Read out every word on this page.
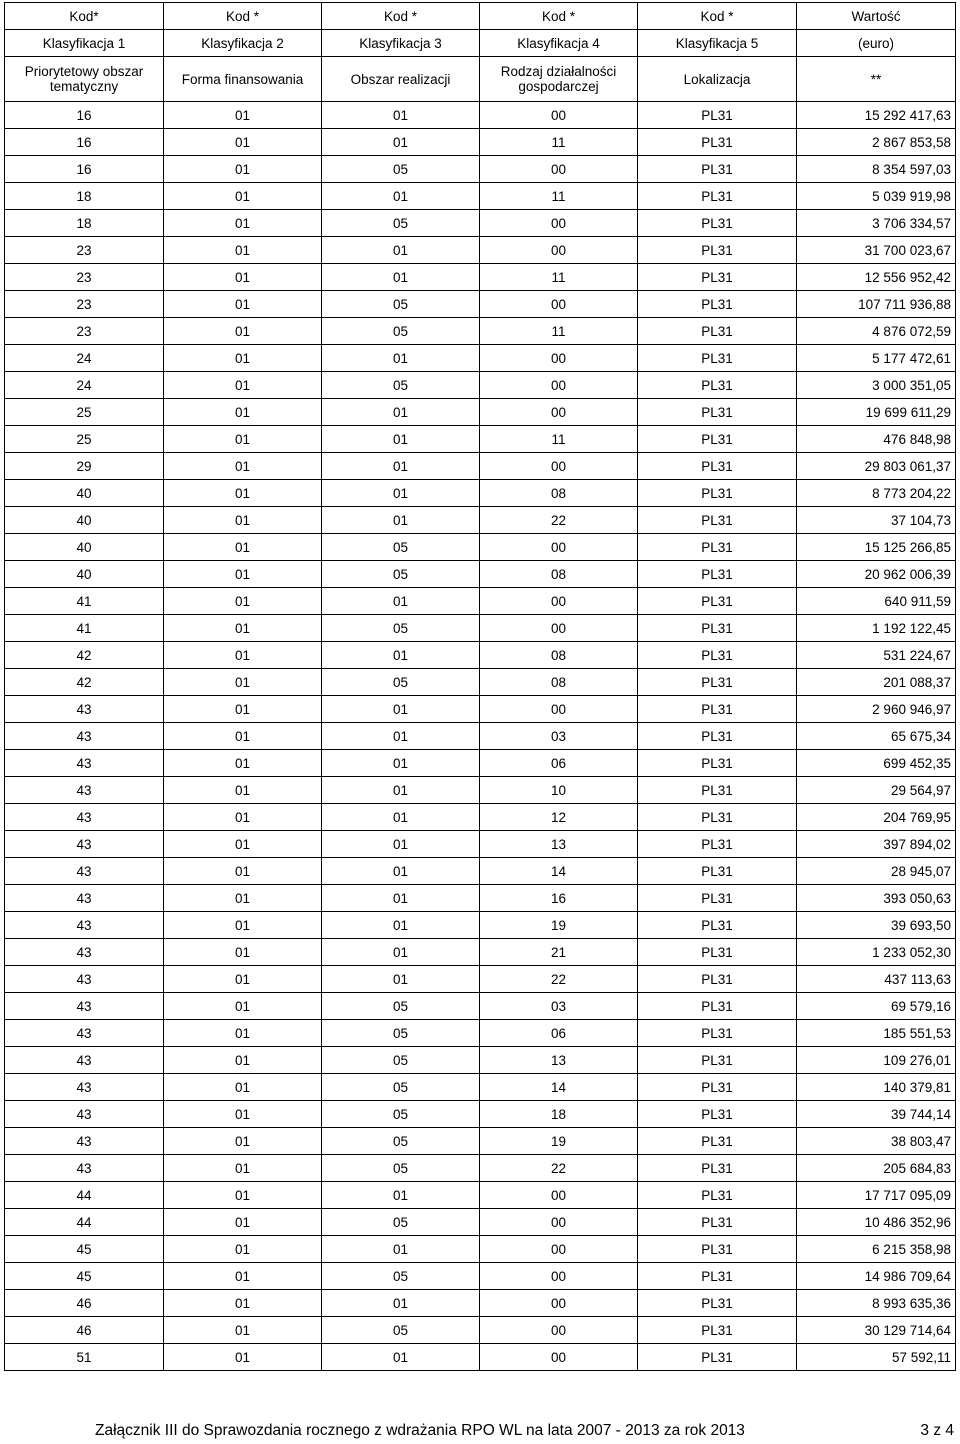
Kod*	Kod *	Kod *	Kod *	Kod *	Wartość
Klasyfikacja 1	Klasyfikacja 2	Klasyfikacja 3	Klasyfikacja 4	Klasyfikacja 5	(euro)
Priorytetowy obszar tematyczny	Forma finansowania	Obszar realizacji	Rodzaj działalności gospodarczej	Lokalizacja	**
16	01	01	00	PL31	15 292 417,63
16	01	01	11	PL31	2 867 853,58
16	01	05	00	PL31	8 354 597,03
18	01	01	11	PL31	5 039 919,98
18	01	05	00	PL31	3 706 334,57
23	01	01	00	PL31	31 700 023,67
23	01	01	11	PL31	12 556 952,42
23	01	05	00	PL31	107 711 936,88
23	01	05	11	PL31	4 876 072,59
24	01	01	00	PL31	5 177 472,61
24	01	05	00	PL31	3 000 351,05
25	01	01	00	PL31	19 699 611,29
25	01	01	11	PL31	476 848,98
29	01	01	00	PL31	29 803 061,37
40	01	01	08	PL31	8 773 204,22
40	01	01	22	PL31	37 104,73
40	01	05	00	PL31	15 125 266,85
40	01	05	08	PL31	20 962 006,39
41	01	01	00	PL31	640 911,59
41	01	05	00	PL31	1 192 122,45
42	01	01	08	PL31	531 224,67
42	01	05	08	PL31	201 088,37
43	01	01	00	PL31	2 960 946,97
43	01	01	03	PL31	65 675,34
43	01	01	06	PL31	699 452,35
43	01	01	10	PL31	29 564,97
43	01	01	12	PL31	204 769,95
43	01	01	13	PL31	397 894,02
43	01	01	14	PL31	28 945,07
43	01	01	16	PL31	393 050,63
43	01	01	19	PL31	39 693,50
43	01	01	21	PL31	1 233 052,30
43	01	01	22	PL31	437 113,63
43	01	05	03	PL31	69 579,16
43	01	05	06	PL31	185 551,53
43	01	05	13	PL31	109 276,01
43	01	05	14	PL31	140 379,81
43	01	05	18	PL31	39 744,14
43	01	05	19	PL31	38 803,47
43	01	05	22	PL31	205 684,83
44	01	01	00	PL31	17 717 095,09
44	01	05	00	PL31	10 486 352,96
45	01	01	00	PL31	6 215 358,98
45	01	05	00	PL31	14 986 709,64
46	01	01	00	PL31	8 993 635,36
46	01	05	00	PL31	30 129 714,64
51	01	01	00	PL31	57 592,11
Załącznik III do Sprawozdania rocznego z wdrażania RPO WL na lata 2007 - 2013 za rok 2013	3 z 4
